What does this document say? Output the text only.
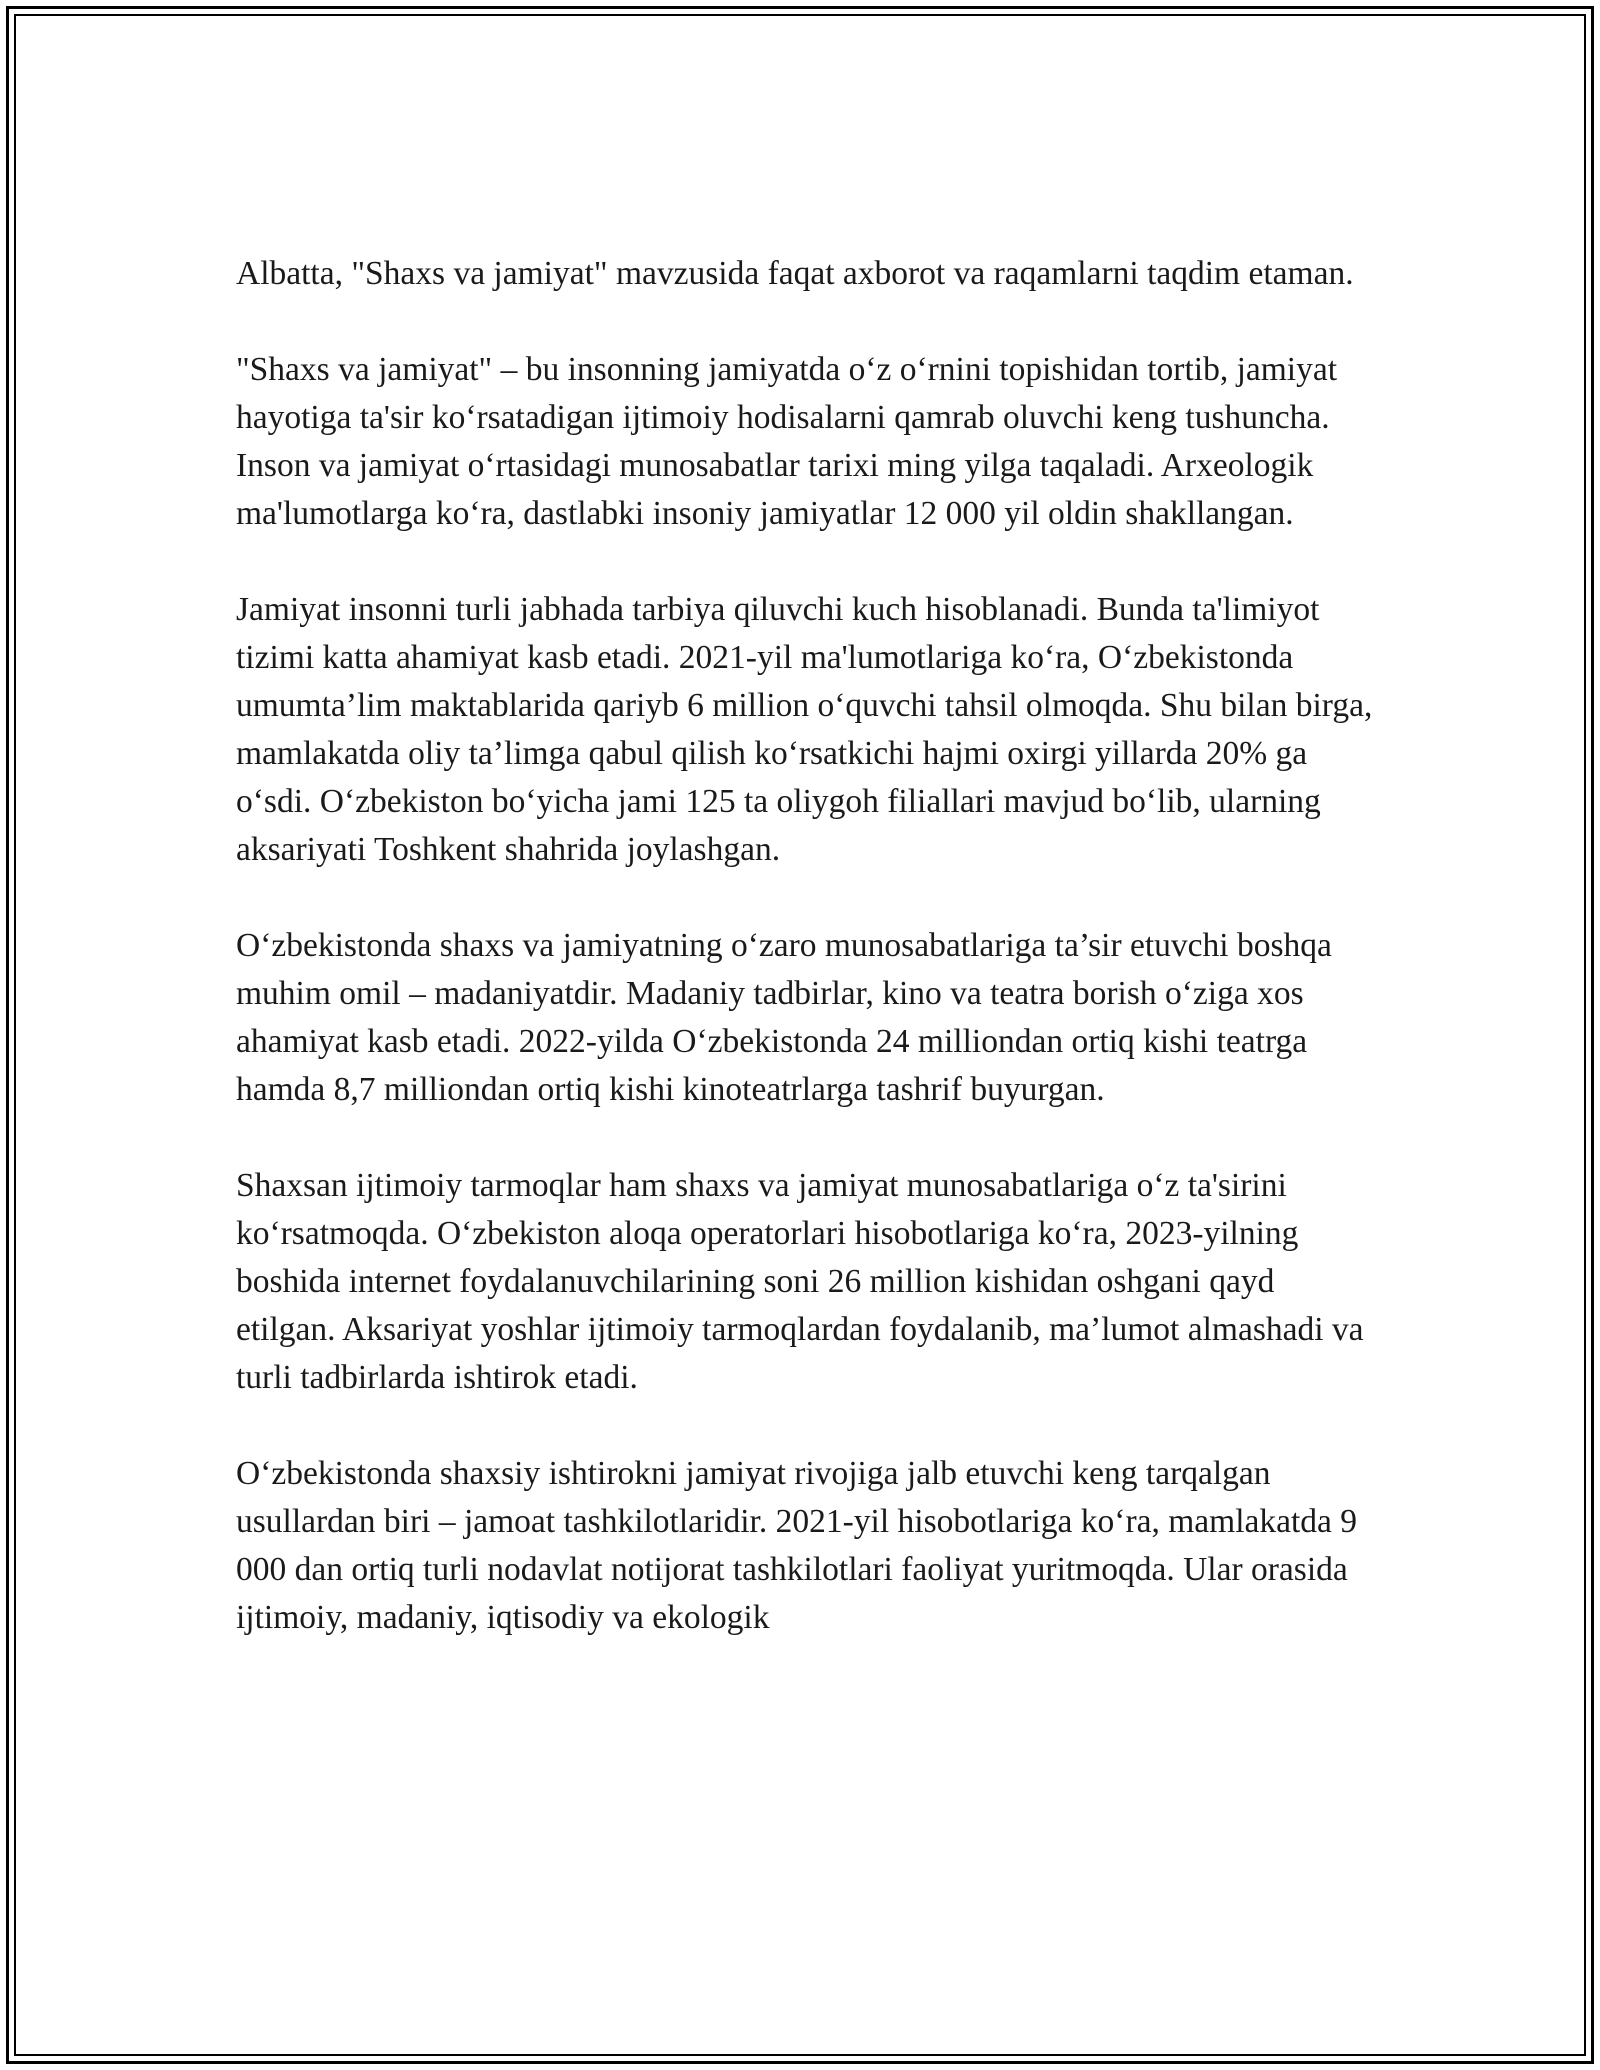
Albatta, "Shaxs va jamiyat" mavzusida faqat axborot va raqamlarni taqdim etaman.

"Shaxs va jamiyat" – bu insonning jamiyatda o‘z o‘rnini topishidan tortib, jamiyat hayotiga ta'sir ko‘rsatadigan ijtimoiy hodisalarni qamrab oluvchi keng tushuncha. Inson va jamiyat o‘rtasidagi munosabatlar tarixi ming yilga taqaladi. Arxeologik ma'lumotlarga ko‘ra, dastlabki insoniy jamiyatlar 12 000 yil oldin shakllangan.

Jamiyat insonni turli jabhada tarbiya qiluvchi kuch hisoblanadi. Bunda ta'limiyot tizimi katta ahamiyat kasb etadi. 2021-yil ma'lumotlariga ko‘ra, O‘zbekistonda umumta’lim maktablarida qariyb 6 million o‘quvchi tahsil olmoqda. Shu bilan birga, mamlakatda oliy ta’limga qabul qilish ko‘rsatkichi hajmi oxirgi yillarda 20% ga o‘sdi. O‘zbekiston bo‘yicha jami 125 ta oliygoh filiallari mavjud bo‘lib, ularning aksariyati Toshkent shahrida joylashgan.

O‘zbekistonda shaxs va jamiyatning o‘zaro munosabatlariga ta’sir etuvchi boshqa muhim omil – madaniyatdir. Madaniy tadbirlar, kino va teatra borish o‘ziga xos ahamiyat kasb etadi. 2022-yilda O‘zbekistonda 24 milliondan ortiq kishi teatrga hamda 8,7 milliondan ortiq kishi kinoteatrlarga tashrif buyurgan.

Shaxsan ijtimoiy tarmoqlar ham shaxs va jamiyat munosabatlariga o‘z ta'sirini ko‘rsatmoqda. O‘zbekiston aloqa operatorlari hisobotlariga ko‘ra, 2023-yilning boshida internet foydalanuvchilarining soni 26 million kishidan oshgani qayd etilgan. Aksariyat yoshlar ijtimoiy tarmoqlardan foydalanib, ma’lumot almashadi va turli tadbirlarda ishtirok etadi.

O‘zbekistonda shaxsiy ishtirokni jamiyat rivojiga jalb etuvchi keng tarqalgan usullardan biri – jamoat tashkilotlaridir. 2021-yil hisobotlariga ko‘ra, mamlakatda 9 000 dan ortiq turli nodavlat notijorat tashkilotlari faoliyat yuritmoqda. Ular orasida ijtimoiy, madaniy, iqtisodiy va ekologik
